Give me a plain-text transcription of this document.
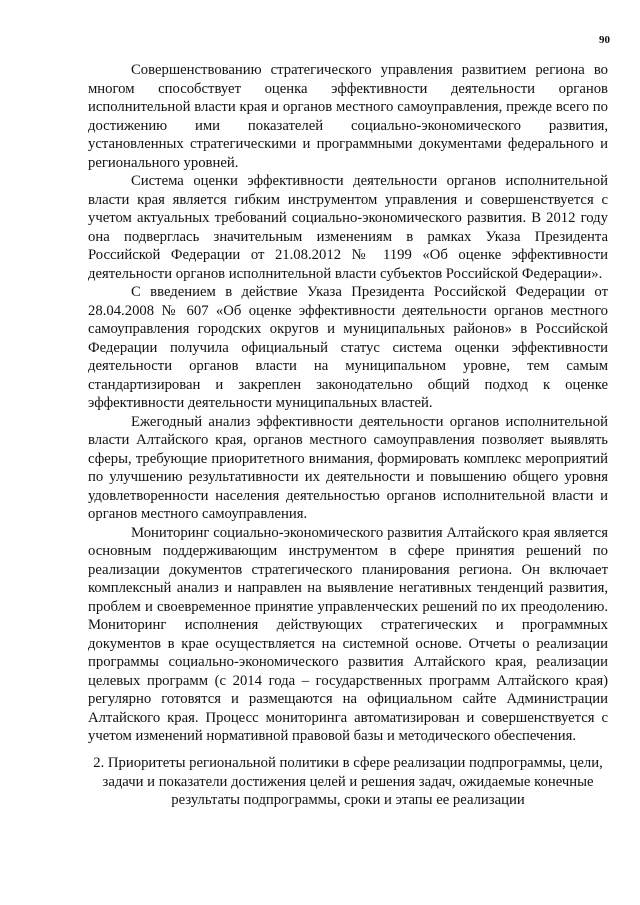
90

Совершенствованию стратегического управления развитием региона во многом способствует оценка эффективности деятельности органов исполнительной власти края и органов местного самоуправления, прежде всего по достижению ими показателей социально-экономического развития, установленных стратегическими и программными документами федерального и регионального уровней.

Система оценки эффективности деятельности органов исполнительной власти края является гибким инструментом управления и совершенствуется с учетом актуальных требований социально-экономического развития. В 2012 году она подверглась значительным изменениям в рамках Указа Президента Российской Федерации от 21.08.2012 № 1199 «Об оценке эффективности деятельности органов исполнительной власти субъектов Российской Федерации».

С введением в действие Указа Президента Российской Федерации от 28.04.2008 № 607 «Об оценке эффективности деятельности органов местного самоуправления городских округов и муниципальных районов» в Российской Федерации получила официальный статус система оценки эффективности деятельности органов власти на муниципальном уровне, тем самым стандартизирован и закреплен законодательно общий подход к оценке эффективности деятельности муниципальных властей.

Ежегодный анализ эффективности деятельности органов исполнительной власти Алтайского края, органов местного самоуправления позволяет выявлять сферы, требующие приоритетного внимания, формировать комплекс мероприятий по улучшению результативности их деятельности и повышению общего уровня удовлетворенности населения деятельностью органов исполнительной власти и органов местного самоуправления.

Мониторинг социально-экономического развития Алтайского края является основным поддерживающим инструментом в сфере принятия решений по реализации документов стратегического планирования региона. Он включает комплексный анализ и направлен на выявление негативных тенденций развития, проблем и своевременное принятие управленческих решений по их преодолению. Мониторинг исполнения действующих стратегических и программных документов в крае осуществляется на системной основе. Отчеты о реализации программы социально-экономического развития Алтайского края, реализации целевых программ (с 2014 года – государственных программ Алтайского края) регулярно готовятся и размещаются на официальном сайте Администрации Алтайского края. Процесс мониторинга автоматизирован и совершенствуется с учетом изменений нормативной правовой базы и методического обеспечения.

2. Приоритеты региональной политики в сфере реализации подпрограммы, цели, задачи и показатели достижения целей и решения задач, ожидаемые конечные результаты подпрограммы, сроки и этапы ее реализации
